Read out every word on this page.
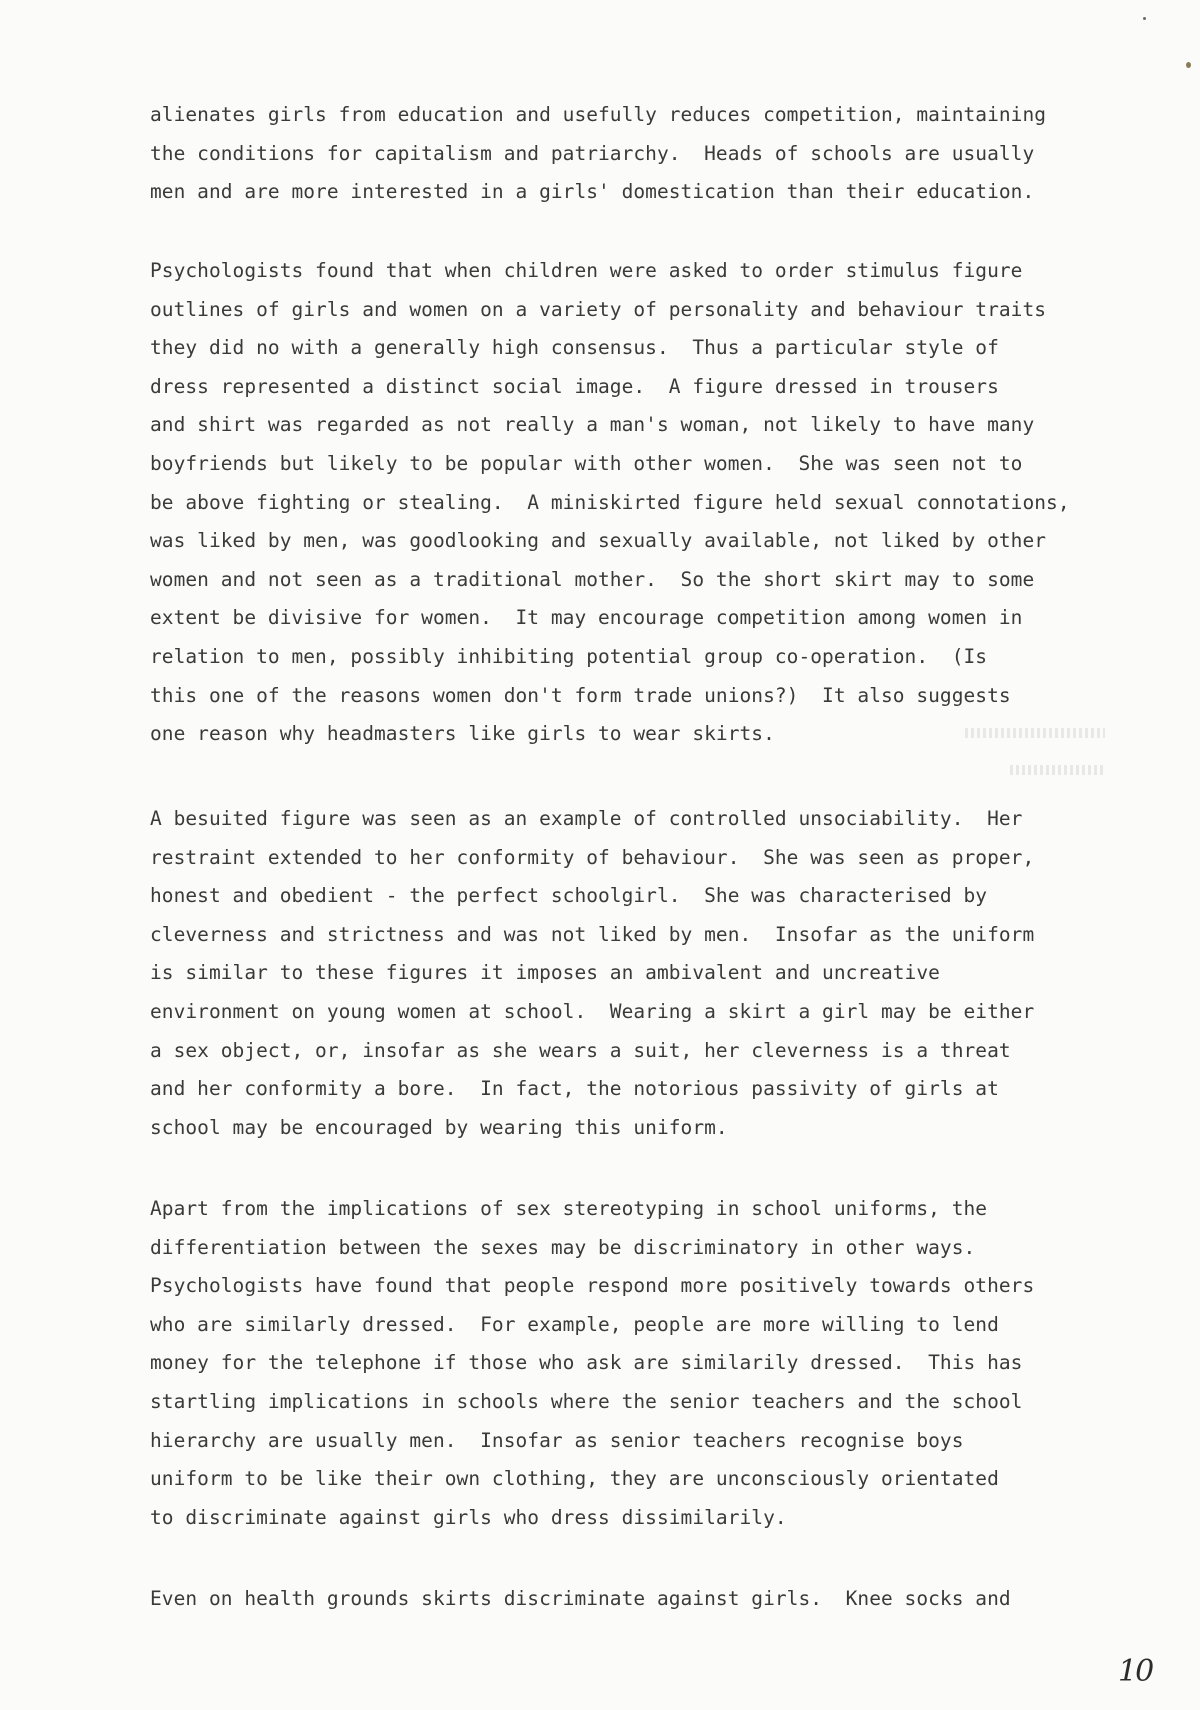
alienates girls from education and usefully reduces competition, maintaining
the conditions for capitalism and patriarchy.  Heads of schools are usually
men and are more interested in a girls' domestication than their education.
Psychologists found that when children were asked to order stimulus figure
outlines of girls and women on a variety of personality and behaviour traits
they did no with a generally high consensus.  Thus a particular style of
dress represented a distinct social image.  A figure dressed in trousers
and shirt was regarded as not really a man's woman, not likely to have many
boyfriends but likely to be popular with other women.  She was seen not to
be above fighting or stealing.  A miniskirted figure held sexual connotations,
was liked by men, was goodlooking and sexually available, not liked by other
women and not seen as a traditional mother.  So the short skirt may to some
extent be divisive for women.  It may encourage competition among women in
relation to men, possibly inhibiting potential group co-operation.  (Is
this one of the reasons women don't form trade unions?)  It also suggests
one reason why headmasters like girls to wear skirts.
A besuited figure was seen as an example of controlled unsociability.  Her
restraint extended to her conformity of behaviour.  She was seen as proper,
honest and obedient - the perfect schoolgirl.  She was characterised by
cleverness and strictness and was not liked by men.  Insofar as the uniform
is similar to these figures it imposes an ambivalent and uncreative
environment on young women at school.  Wearing a skirt a girl may be either
a sex object, or, insofar as she wears a suit, her cleverness is a threat
and her conformity a bore.  In fact, the notorious passivity of girls at
school may be encouraged by wearing this uniform.
Apart from the implications of sex stereotyping in school uniforms, the
differentiation between the sexes may be discriminatory in other ways.
Psychologists have found that people respond more positively towards others
who are similarly dressed.  For example, people are more willing to lend
money for the telephone if those who ask are similarily dressed.  This has
startling implications in schools where the senior teachers and the school
hierarchy are usually men.  Insofar as senior teachers recognise boys
uniform to be like their own clothing, they are unconsciously orientated
to discriminate against girls who dress dissimilarily.
Even on health grounds skirts discriminate against girls.  Knee socks and
10
